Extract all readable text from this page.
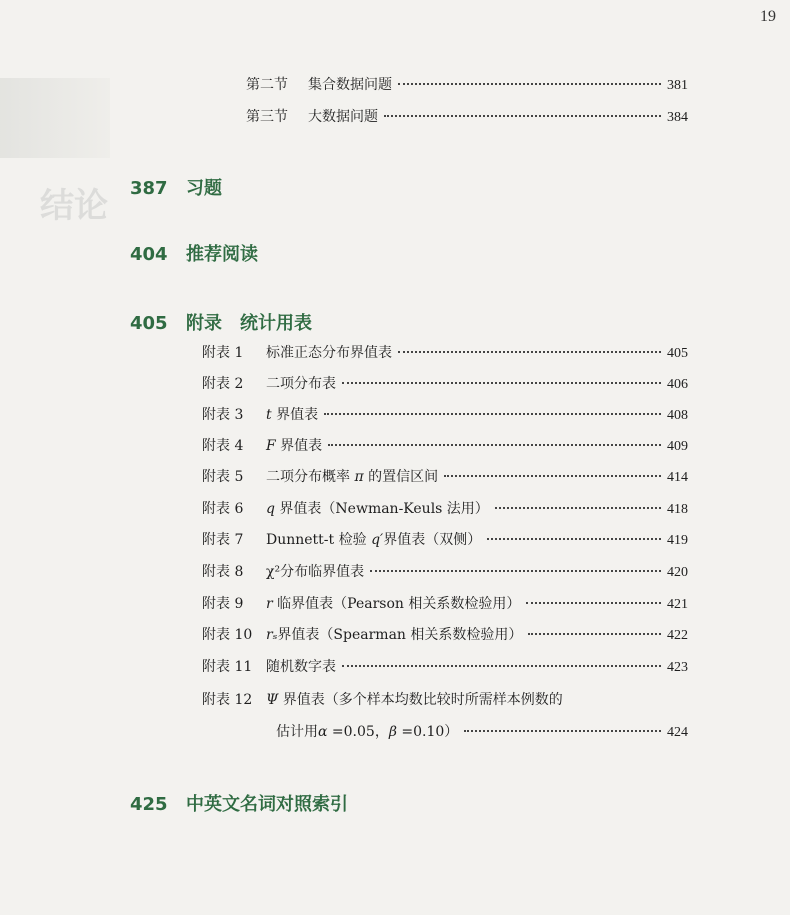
结论
19
第二节 集合数据问题	381
第三节 大数据问题	384
387 习题
404 推荐阅读
405 附录　统计用表
425 中英文名词对照索引
附表 1 标准正态分布界值表	405
附表 2 二项分布表	406
附表 3 t 界值表	408
附表 4 F 界值表	409
附表 5 二项分布概率 π 的置信区间	414
附表 6 q 界值表（Newman-Keuls 法用）	418
附表 7 Dunnett-t 检验 q′界值表（双侧）	419
附表 8 χ²分布临界值表	420
附表 9 r 临界值表（Pearson 相关系数检验用）	421
附表 10 rₛ界值表（Spearman 相关系数检验用）	422
附表 11 随机数字表	423
附表 12 Ψ 界值表（多个样本均数比较时所需样本例数的
估计用α =0.05，β =0.10）	424
